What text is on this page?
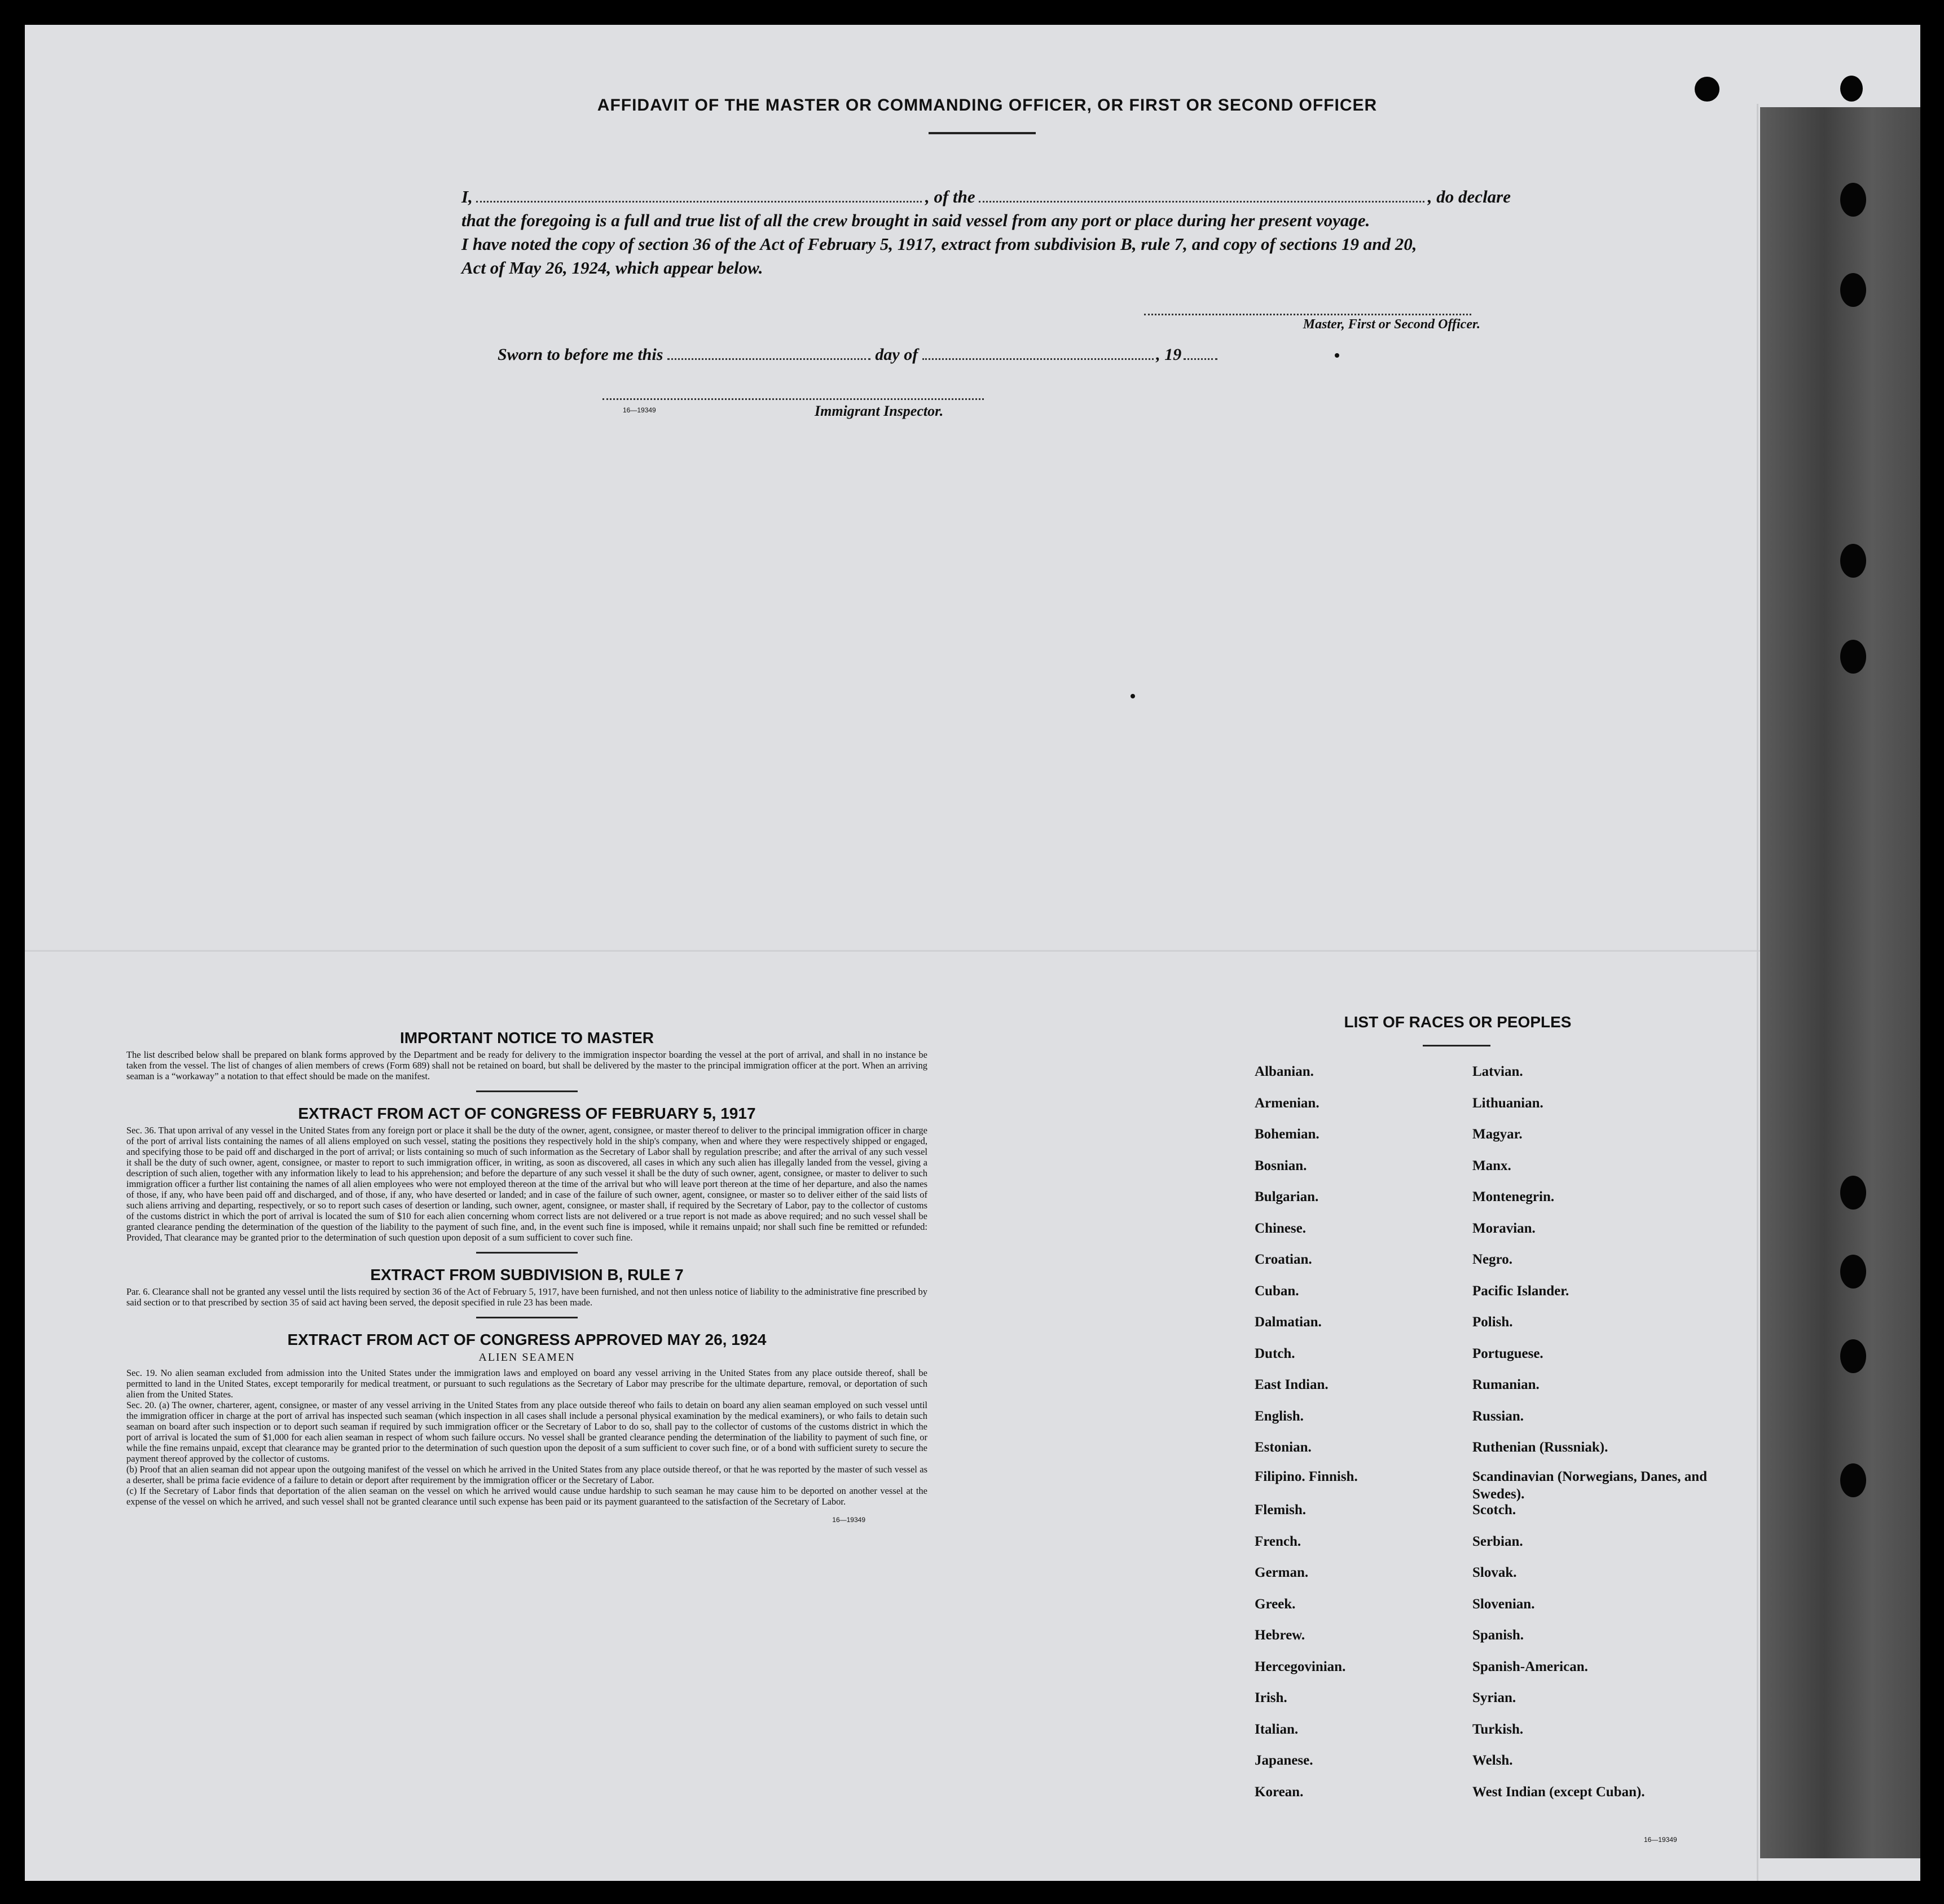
AFFIDAVIT OF THE MASTER OR COMMANDING OFFICER, OR FIRST OR SECOND OFFICER
I,	, of the	, do declare
that the foregoing is a full and true list of all the crew brought in said vessel from any port or place during her present voyage.
I have noted the copy of section 36 of the Act of February 5, 1917, extract from subdivision B, rule 7, and copy of sections 19 and 20,
Act of May 26, 1924, which appear below.
Master, First or Second Officer.
Sworn to before me this	day of	, 19
16—19349	Immigrant Inspector.
IMPORTANT NOTICE TO MASTER

The list described below shall be prepared on blank forms approved by the Department and be ready for delivery to the immigration inspector boarding the vessel at the port of arrival, and shall in no instance be taken from the vessel. The list of changes of alien members of crews (Form 689) shall not be retained on board, but shall be delivered by the master to the principal immigration officer at the port. When an arriving seaman is a “workaway” a notation to that effect should be made on the manifest.

EXTRACT FROM ACT OF CONGRESS OF FEBRUARY 5, 1917

Sec. 36. That upon arrival of any vessel in the United States from any foreign port or place it shall be the duty of the owner, agent, consignee, or master thereof to deliver to the principal immigration officer in charge of the port of arrival lists containing the names of all aliens employed on such vessel, stating the positions they respectively hold in the ship's company, when and where they were respectively shipped or engaged, and specifying those to be paid off and discharged in the port of arrival; or lists containing so much of such information as the Secretary of Labor shall by regulation prescribe; and after the arrival of any such vessel it shall be the duty of such owner, agent, consignee, or master to report to such immigration officer, in writing, as soon as discovered, all cases in which any such alien has illegally landed from the vessel, giving a description of such alien, together with any information likely to lead to his apprehension; and before the departure of any such vessel it shall be the duty of such owner, agent, consignee, or master to deliver to such immigration officer a further list containing the names of all alien employees who were not employed thereon at the time of the arrival but who will leave port thereon at the time of her departure, and also the names of those, if any, who have been paid off and discharged, and of those, if any, who have deserted or landed; and in case of the failure of such owner, agent, consignee, or master so to deliver either of the said lists of such aliens arriving and departing, respectively, or so to report such cases of desertion or landing, such owner, agent, consignee, or master shall, if required by the Secretary of Labor, pay to the collector of customs of the customs district in which the port of arrival is located the sum of $10 for each alien concerning whom correct lists are not delivered or a true report is not made as above required; and no such vessel shall be granted clearance pending the determination of the question of the liability to the payment of such fine, and, in the event such fine is imposed, while it remains unpaid; nor shall such fine be remitted or refunded: Provided, That clearance may be granted prior to the determination of such question upon deposit of a sum sufficient to cover such fine.

EXTRACT FROM SUBDIVISION B, RULE 7

Par. 6. Clearance shall not be granted any vessel until the lists required by section 36 of the Act of February 5, 1917, have been furnished, and not then unless notice of liability to the administrative fine prescribed by said section or to that prescribed by section 35 of said act having been served, the deposit specified in rule 23 has been made.

EXTRACT FROM ACT OF CONGRESS APPROVED MAY 26, 1924
ALIEN SEAMEN

Sec. 19. No alien seaman excluded from admission into the United States under the immigration laws and employed on board any vessel arriving in the United States from any place outside thereof, shall be permitted to land in the United States, except temporarily for medical treatment, or pursuant to such regulations as the Secretary of Labor may prescribe for the ultimate departure, removal, or deportation of such alien from the United States.

Sec. 20. (a) The owner, charterer, agent, consignee, or master of any vessel arriving in the United States from any place outside thereof who fails to detain on board any alien seaman employed on such vessel until the immigration officer in charge at the port of arrival has inspected such seaman (which inspection in all cases shall include a personal physical examination by the medical examiners), or who fails to detain such seaman on board after such inspection or to deport such seaman if required by such immigration officer or the Secretary of Labor to do so, shall pay to the collector of customs of the customs district in which the port of arrival is located the sum of $1,000 for each alien seaman in respect of whom such failure occurs. No vessel shall be granted clearance pending the determination of the liability to payment of such fine, or while the fine remains unpaid, except that clearance may be granted prior to the determination of such question upon the deposit of a sum sufficient to cover such fine, or of a bond with sufficient surety to secure the payment thereof approved by the collector of customs.

(b) Proof that an alien seaman did not appear upon the outgoing manifest of the vessel on which he arrived in the United States from any place outside thereof, or that he was reported by the master of such vessel as a deserter, shall be prima facie evidence of a failure to detain or deport after requirement by the immigration officer or the Secretary of Labor.

(c) If the Secretary of Labor finds that deportation of the alien seaman on the vessel on which he arrived would cause undue hardship to such seaman he may cause him to be deported on another vessel at the expense of the vessel on which he arrived, and such vessel shall not be granted clearance until such expense has been paid or its payment guaranteed to the satisfaction of the Secretary of Labor.

16—19349
LIST OF RACES OR PEOPLES
Albanian.	Latvian.
Armenian.	Lithuanian.
Bohemian.	Magyar.
Bosnian.	Manx.
Bulgarian.	Montenegrin.
Chinese.	Moravian.
Croatian.	Negro.
Cuban.	Pacific Islander.
Dalmatian.	Polish.
Dutch.	Portuguese.
East Indian.	Rumanian.
English.	Russian.
Estonian.	Ruthenian (Russniak).
Filipino. Finnish.	Scandinavian (Norwegians, Danes, and Swedes).
Flemish.	Scotch.
French.	Serbian.
German.	Slovak.
Greek.	Slovenian.
Hebrew.	Spanish.
Hercegovinian.	Spanish-American.
Irish.	Syrian.
Italian.	Turkish.
Japanese.	Welsh.
Korean.	West Indian (except Cuban).
16—19349
